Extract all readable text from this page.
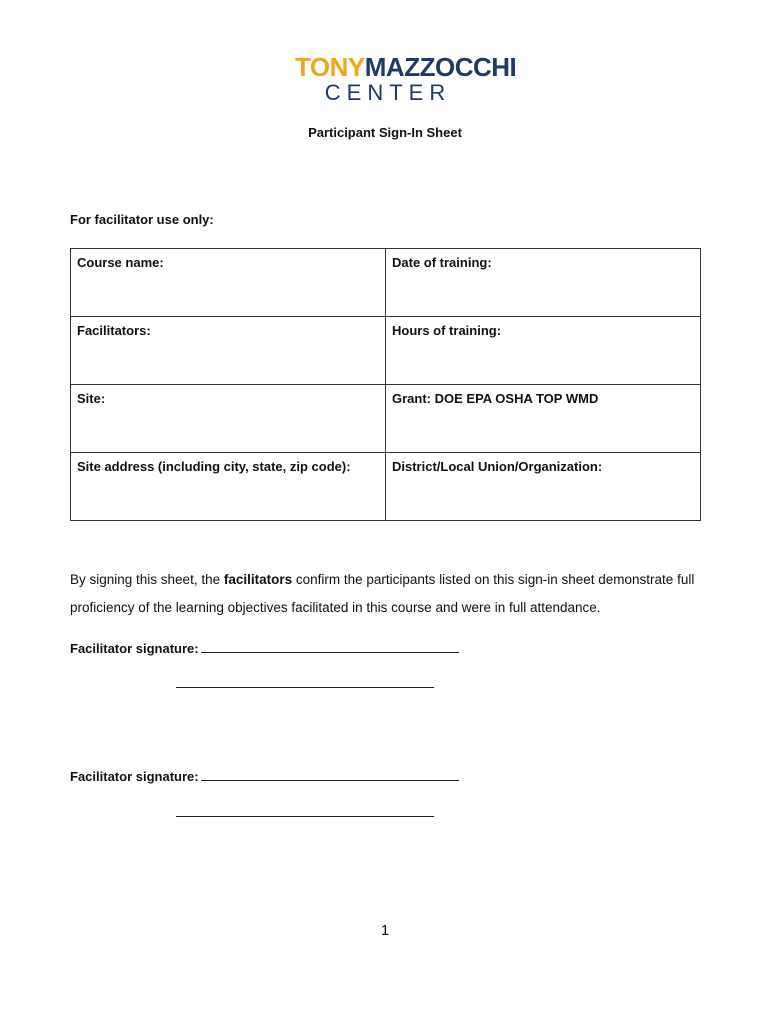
TONYMAZZOCCHI
CENTER
Participant Sign-In Sheet
For facilitator use only:
Course name:	Date of training:
Facilitators:	Hours of training:
Site:	Grant: DOE EPA OSHA TOP WMD
Site address (including city, state, zip code):	District/Local Union/Organization:
By signing this sheet, the facilitators confirm the participants listed on this sign-in sheet demonstrate full proficiency of the learning objectives facilitated in this course and were in full attendance.
Facilitator signature:
Facilitator signature:
1
